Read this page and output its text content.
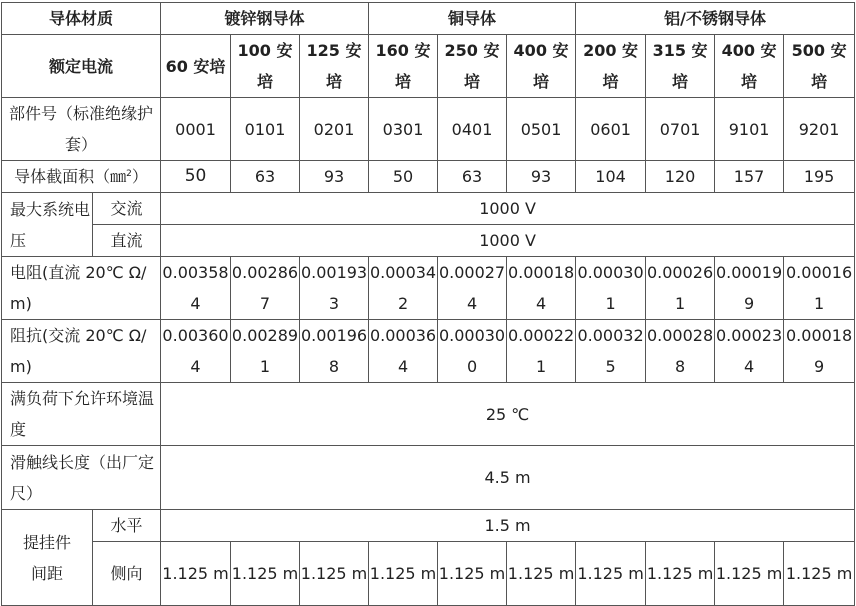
导体材质		镀锌钢导体			铜导体			铝/不锈钢导体			
额定电流		60 安培	100 安培	125 安培	160 安培	250 安培	400 安培	200 安培	315 安培	400 安培	500 安培
部件号（标准绝缘护套）		0001	0101	0201	0301	0401	0501	0601	0701	9101	9201
导体截面积（㎜$^2$）		50	63	93	50	63	93	104	120	157	195
最大系统电压	交流	1000 V									
	直流	1000 V									
电阻(直流 20℃ Ω/m)		0.003584	0.002867	0.001933	0.000342	0.000274	0.000184	0.000301	0.000261	0.000199	0.000161
阻抗(交流 20℃ Ω/m)		0.003604	0.002891	0.001968	0.000364	0.000300	0.000221	0.000325	0.000288	0.000234	0.000189
满负荷下允许环境温度		25 ℃									
滑触线长度（出厂定尺）		4.5 m									
提挂件间距	水平	1.5 m									
	侧向	1.125 m	1.125 m	1.125 m	1.125 m	1.125 m	1.125 m	1.125 m	1.125 m	1.125 m	1.125 m
